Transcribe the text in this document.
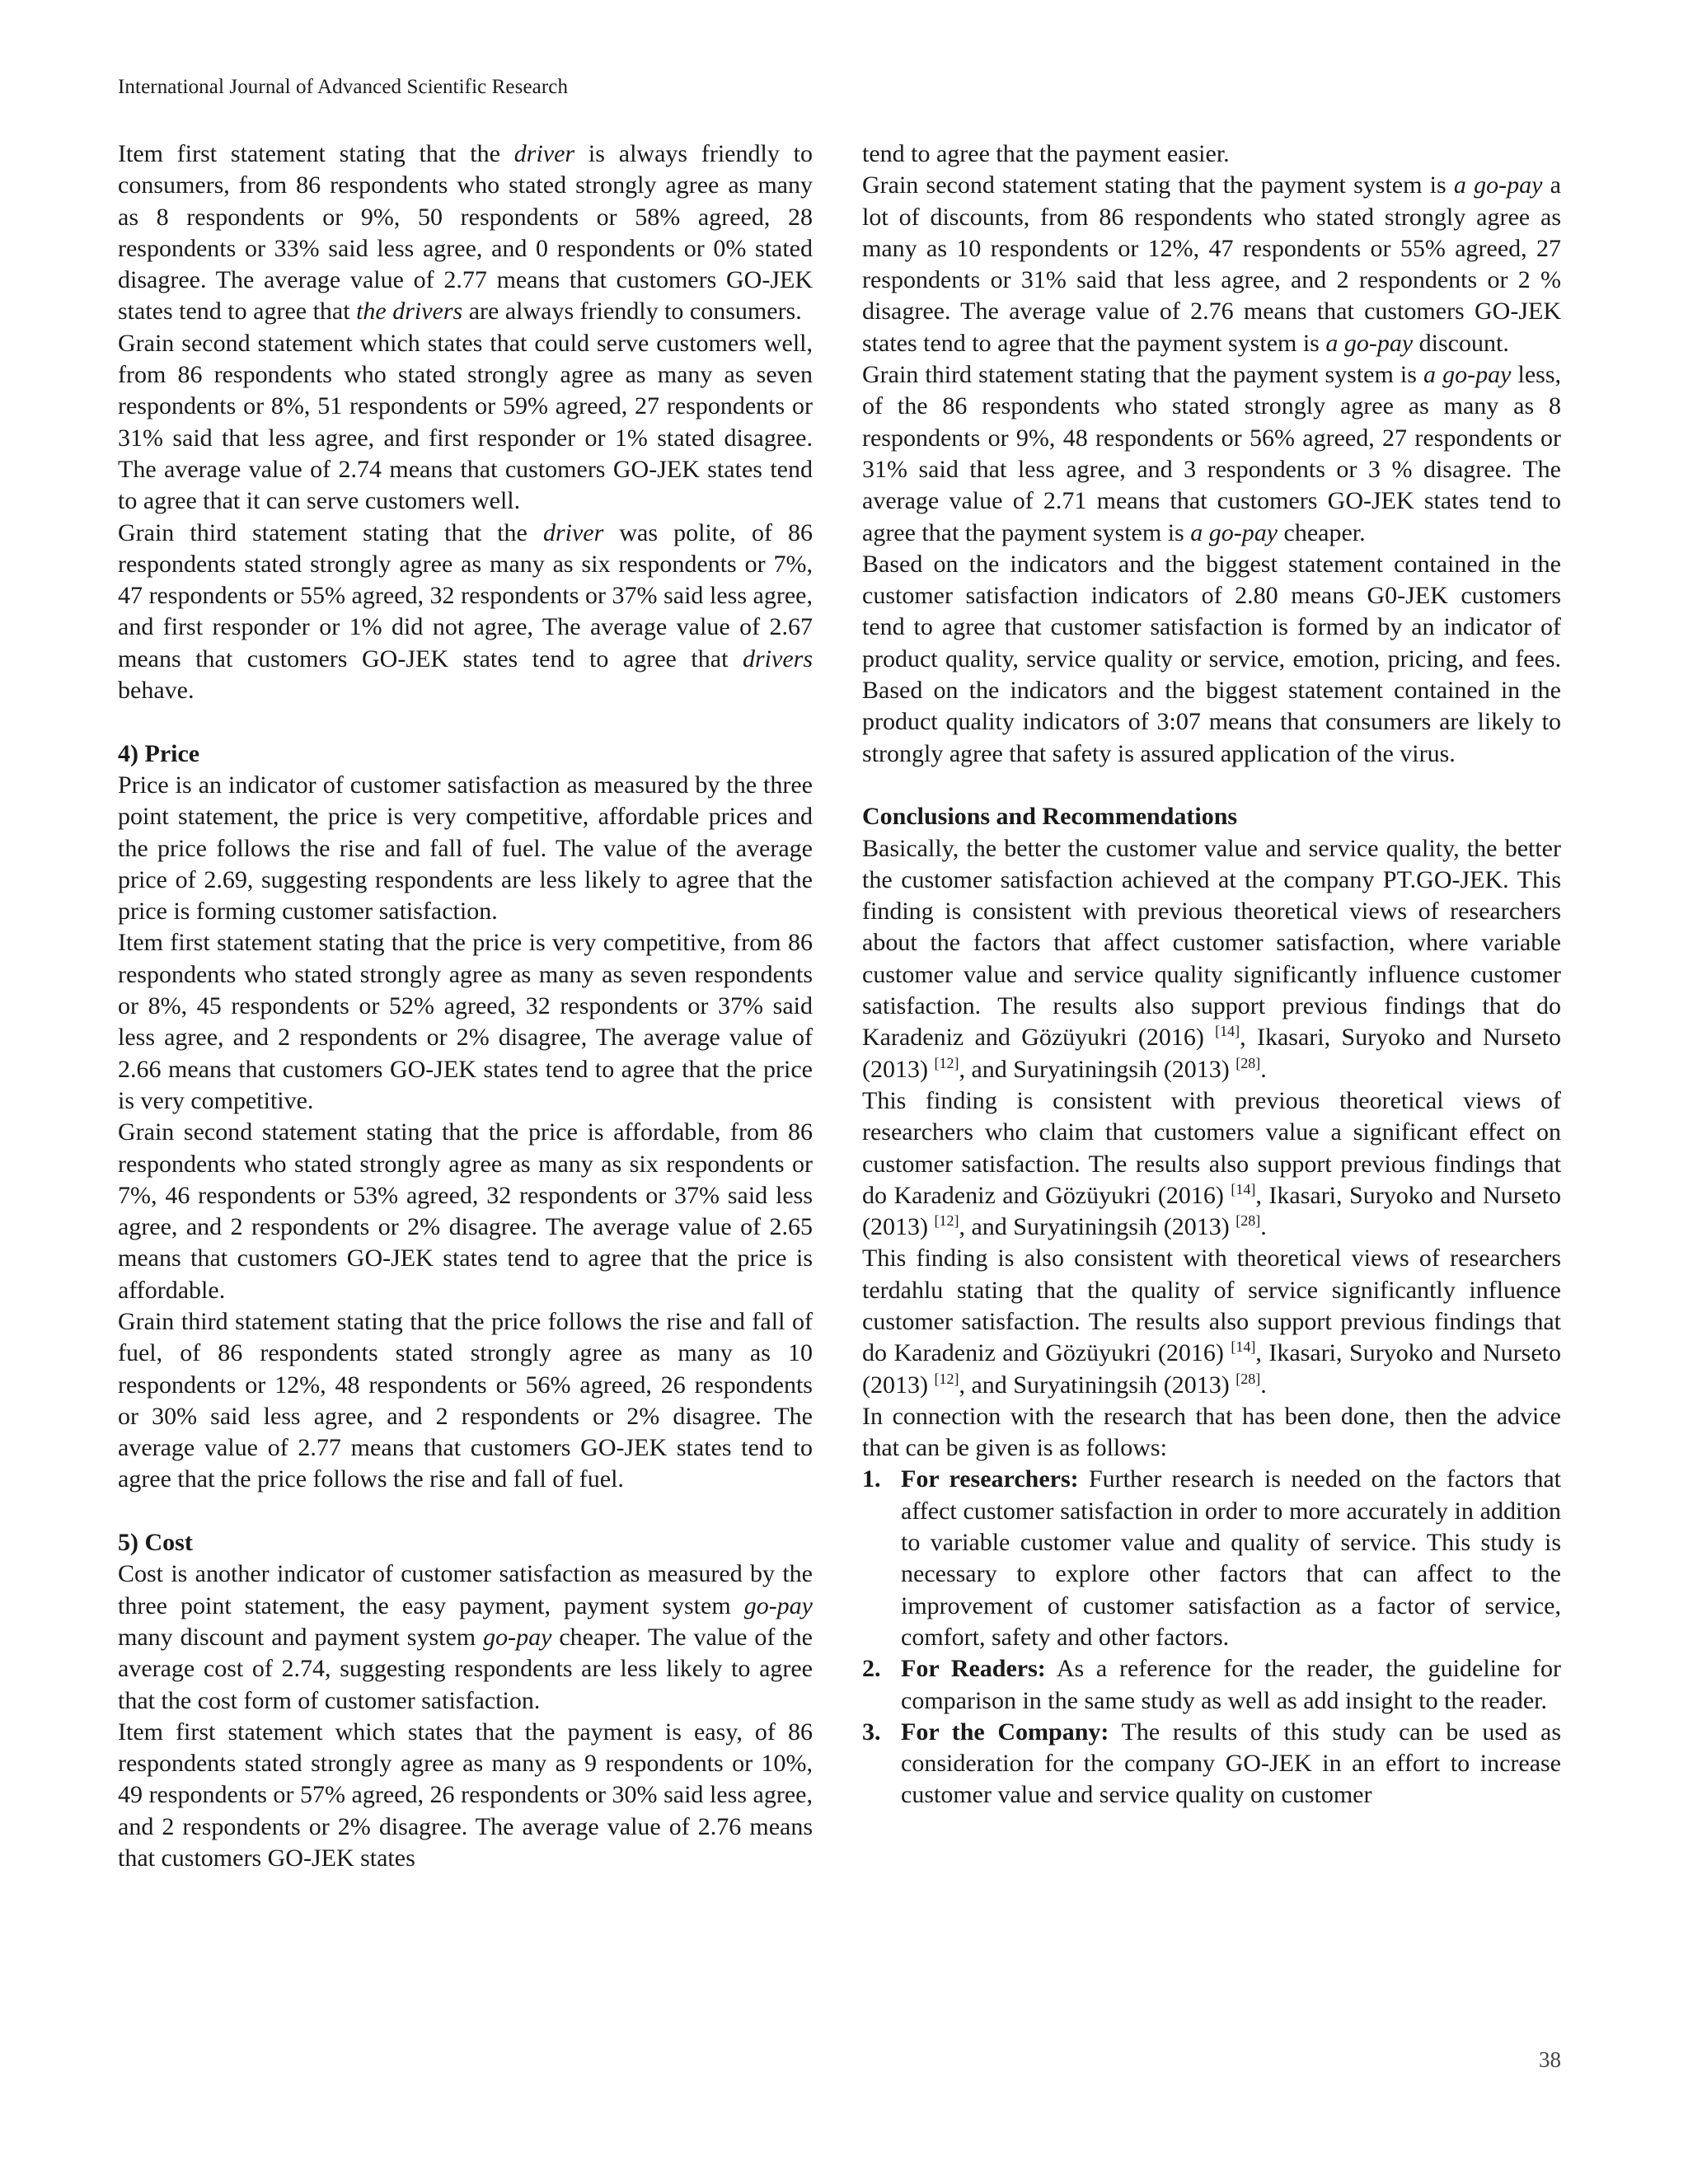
International Journal of Advanced Scientific Research

Item first statement stating that the driver is always friendly to consumers, from 86 respondents who stated strongly agree as many as 8 respondents or 9%, 50 respondents or 58% agreed, 28 respondents or 33% said less agree, and 0 respondents or 0% stated disagree. The average value of 2.77 means that customers GO-JEK states tend to agree that the drivers are always friendly to consumers.

Grain second statement which states that could serve customers well, from 86 respondents who stated strongly agree as many as seven respondents or 8%, 51 respondents or 59% agreed, 27 respondents or 31% said that less agree, and first responder or 1% stated disagree. The average value of 2.74 means that customers GO-JEK states tend to agree that it can serve customers well.

Grain third statement stating that the driver was polite, of 86 respondents stated strongly agree as many as six respondents or 7%, 47 respondents or 55% agreed, 32 respondents or 37% said less agree, and first responder or 1% did not agree, The average value of 2.67 means that customers GO-JEK states tend to agree that drivers behave.

4) Price

Price is an indicator of customer satisfaction as measured by the three point statement, the price is very competitive, affordable prices and the price follows the rise and fall of fuel. The value of the average price of 2.69, suggesting respondents are less likely to agree that the price is forming customer satisfaction.

Item first statement stating that the price is very competitive, from 86 respondents who stated strongly agree as many as seven respondents or 8%, 45 respondents or 52% agreed, 32 respondents or 37% said less agree, and 2 respondents or 2% disagree, The average value of 2.66 means that customers GO-JEK states tend to agree that the price is very competitive.

Grain second statement stating that the price is affordable, from 86 respondents who stated strongly agree as many as six respondents or 7%, 46 respondents or 53% agreed, 32 respondents or 37% said less agree, and 2 respondents or 2% disagree. The average value of 2.65 means that customers GO-JEK states tend to agree that the price is affordable.

Grain third statement stating that the price follows the rise and fall of fuel, of 86 respondents stated strongly agree as many as 10 respondents or 12%, 48 respondents or 56% agreed, 26 respondents or 30% said less agree, and 2 respondents or 2% disagree. The average value of 2.77 means that customers GO-JEK states tend to agree that the price follows the rise and fall of fuel.

5) Cost

Cost is another indicator of customer satisfaction as measured by the three point statement, the easy payment, payment system go-pay many discount and payment system go-pay cheaper. The value of the average cost of 2.74, suggesting respondents are less likely to agree that the cost form of customer satisfaction.

Item first statement which states that the payment is easy, of 86 respondents stated strongly agree as many as 9 respondents or 10%, 49 respondents or 57% agreed, 26 respondents or 30% said less agree, and 2 respondents or 2% disagree. The average value of 2.76 means that customers GO-JEK states

tend to agree that the payment easier.

Grain second statement stating that the payment system is a go-pay a lot of discounts, from 86 respondents who stated strongly agree as many as 10 respondents or 12%, 47 respondents or 55% agreed, 27 respondents or 31% said that less agree, and 2 respondents or 2 % disagree. The average value of 2.76 means that customers GO-JEK states tend to agree that the payment system is a go-pay discount.

Grain third statement stating that the payment system is a go-pay less, of the 86 respondents who stated strongly agree as many as 8 respondents or 9%, 48 respondents or 56% agreed, 27 respondents or 31% said that less agree, and 3 respondents or 3 % disagree. The average value of 2.71 means that customers GO-JEK states tend to agree that the payment system is a go-pay cheaper.

Based on the indicators and the biggest statement contained in the customer satisfaction indicators of 2.80 means G0-JEK customers tend to agree that customer satisfaction is formed by an indicator of product quality, service quality or service, emotion, pricing, and fees. Based on the indicators and the biggest statement contained in the product quality indicators of 3:07 means that consumers are likely to strongly agree that safety is assured application of the virus.

Conclusions and Recommendations

Basically, the better the customer value and service quality, the better the customer satisfaction achieved at the company PT.GO-JEK. This finding is consistent with previous theoretical views of researchers about the factors that affect customer satisfaction, where variable customer value and service quality significantly influence customer satisfaction. The results also support previous findings that do Karadeniz and Gözüyukri (2016) [14], Ikasari, Suryoko and Nurseto (2013) [12], and Suryatiningsih (2013) [28].

This finding is consistent with previous theoretical views of researchers who claim that customers value a significant effect on customer satisfaction. The results also support previous findings that do Karadeniz and Gözüyukri (2016) [14], Ikasari, Suryoko and Nurseto (2013) [12], and Suryatiningsih (2013) [28].

This finding is also consistent with theoretical views of researchers terdahlu stating that the quality of service significantly influence customer satisfaction. The results also support previous findings that do Karadeniz and Gözüyukri (2016) [14], Ikasari, Suryoko and Nurseto (2013) [12], and Suryatiningsih (2013) [28].

In connection with the research that has been done, then the advice that can be given is as follows:

1. For researchers: Further research is needed on the factors that affect customer satisfaction in order to more accurately in addition to variable customer value and quality of service. This study is necessary to explore other factors that can affect to the improvement of customer satisfaction as a factor of service, comfort, safety and other factors.
2. For Readers: As a reference for the reader, the guideline for comparison in the same study as well as add insight to the reader.
3. For the Company: The results of this study can be used as consideration for the company GO-JEK in an effort to increase customer value and service quality on customer
38
